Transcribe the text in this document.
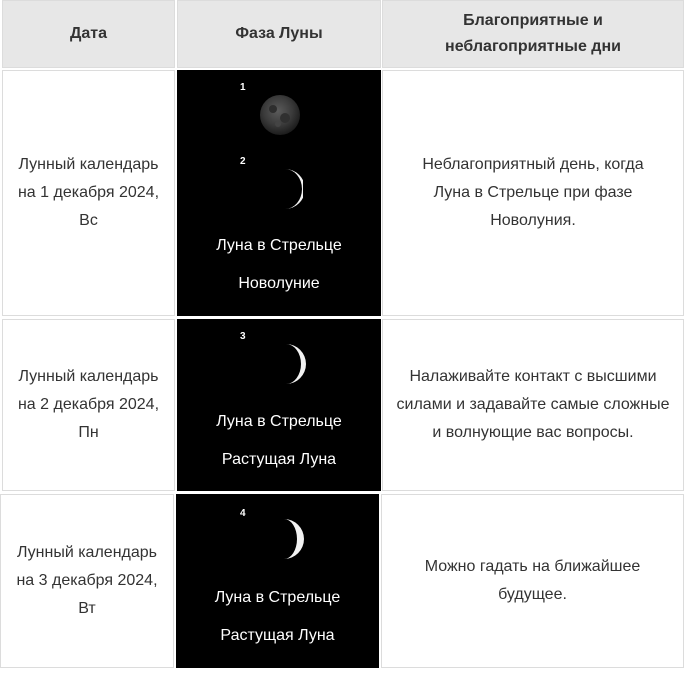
Дата	Фаза Луны
Благоприятные и неблагоприятные дни
Лунный календарь
на 1 декабря 2024,
Вс
1
2
Луна в Стрельце
Новолуние
Неблагоприятный день, когда Луна в Стрельце при фазе Новолуния.
Лунный календарь
на 2 декабря 2024,
Пн
3
Луна в Стрельце
Растущая Луна
Налаживайте контакт с высшими силами и задавайте самые сложные и волнующие вас вопросы.
Лунный календарь
на 3 декабря 2024,
Вт
4
Луна в Стрельце
Растущая Луна
Можно гадать на ближайшее будущее.
